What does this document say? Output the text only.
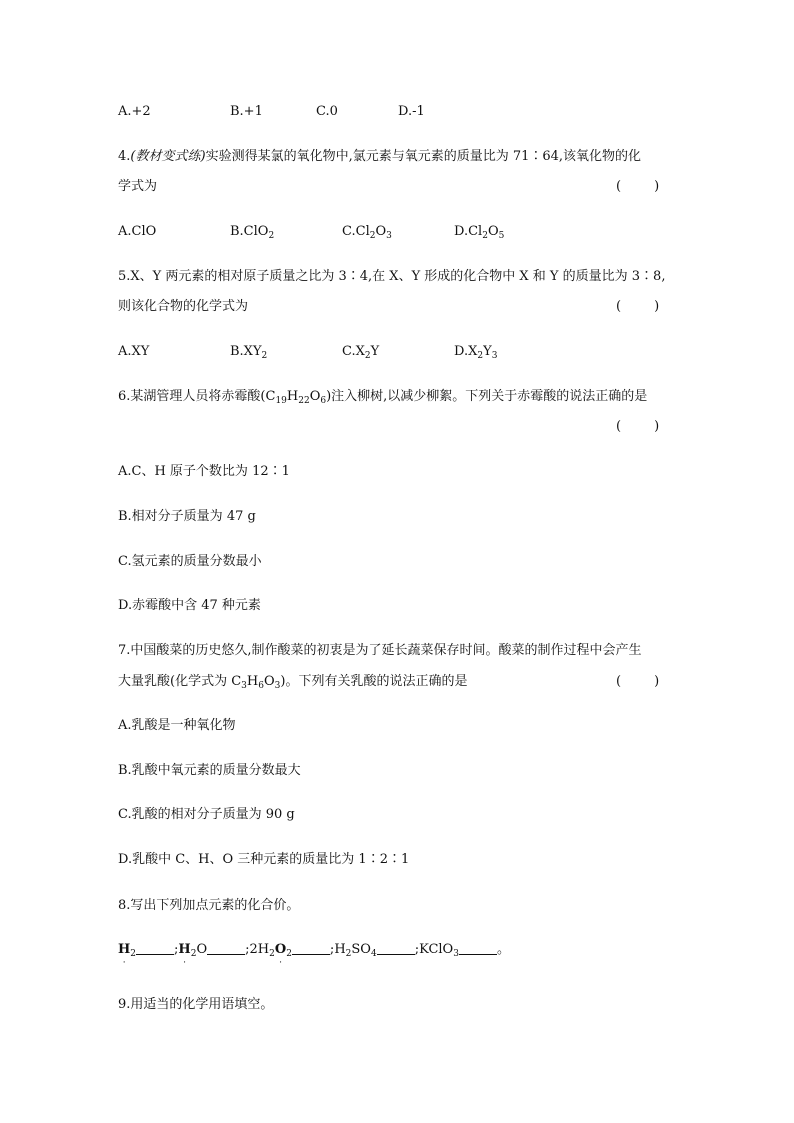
A.+2	B.+1	C.0	D.-1
4.(教材变式练)实验测得某氯的氧化物中,氯元素与氧元素的质量比为 71∶64,该氧化物的化
学式为	(        )
A.ClO	B.ClO$_2$	$C.Cl_2O_3$	$D.Cl_2O_5$
5.X、Y 两元素的相对原子质量之比为 3∶4,在 X、Y 形成的化合物中 X 和 Y 的质量比为 3∶8,
则该化合物的化学式为	(        )
A.XY	$B.XY_2$	$C.X_2Y$	$D.X_2Y_3$
6.某湖管理人员将赤霉酸$(C_{19}H_{22}O_6)$注入柳树,以减少柳絮。下列关于赤霉酸的说法正确的是
(        )
A.C、H 原子个数比为 12∶1
B.相对分子质量为 47 g
C.氢元素的质量分数最小
D.赤霉酸中含 47 种元素
7.中国酸菜的历史悠久,制作酸菜的初衷是为了延长蔬菜保存时间。酸菜的制作过程中会产生
大量乳酸(化学式为 $C_3H_6O_3$)。下列有关乳酸的说法正确的是	(        )
A.乳酸是一种氧化物
B.乳酸中氧元素的质量分数最大
C.乳酸的相对分子质量为 90 g
D.乳酸中 C、H、O 三种元素的质量比为 1∶2∶1
8.写出下列加点元素的化合价。
H
·
$_2$	;H
·
$_2$O	$;2H_2O$
·
$_2$	$;H_2SO_4$	;KClO$_3$	。
9.用适当的化学用语填空。
